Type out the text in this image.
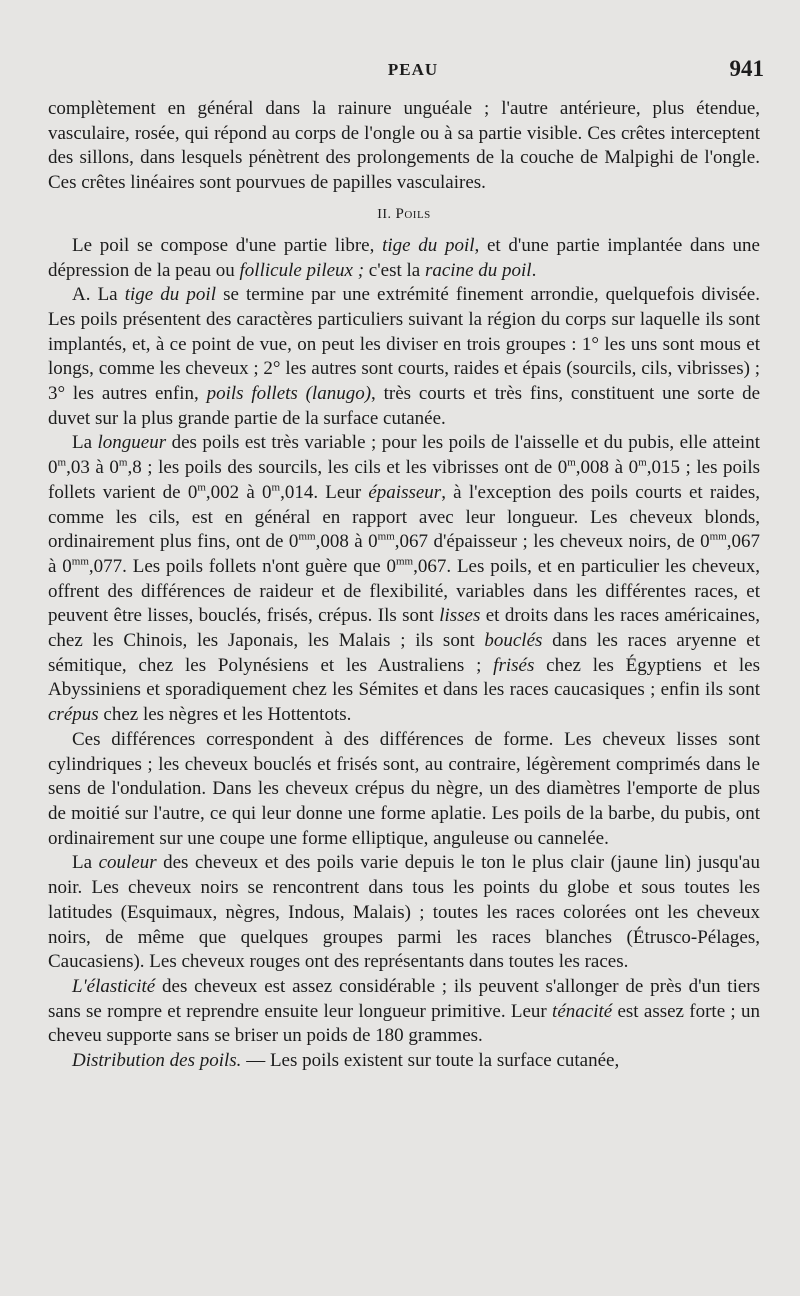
PEAU	941

complètement en général dans la rainure unguéale ; l'autre antérieure, plus étendue, vasculaire, rosée, qui répond au corps de l'ongle ou à sa partie visible. Ces crêtes interceptent des sillons, dans lesquels pénètrent des prolongements de la couche de Malpighi de l'ongle. Ces crêtes linéaires sont pourvues de papilles vasculaires.

II. Poils

Le poil se compose d'une partie libre, tige du poil, et d'une partie implantée dans une dépression de la peau ou follicule pileux ; c'est la racine du poil.

A. La tige du poil se termine par une extrémité finement arrondie, quelquefois divisée. Les poils présentent des caractères particuliers suivant la région du corps sur laquelle ils sont implantés, et, à ce point de vue, on peut les diviser en trois groupes : 1° les uns sont mous et longs, comme les cheveux ; 2° les autres sont courts, raides et épais (sourcils, cils, vibrisses) ; 3° les autres enfin, poils follets (lanugo), très courts et très fins, constituent une sorte de duvet sur la plus grande partie de la surface cutanée.

La longueur des poils est très variable ; pour les poils de l'aisselle et du pubis, elle atteint 0$^m$,03 à 0$^m$,8 ; les poils des sourcils, les cils et les vibrisses ont de 0$^m$,008 à 0$^m$,015 ; les poils follets varient de 0$^m$,002 à 0$^m$,014. Leur épaisseur, à l'exception des poils courts et raides, comme les cils, est en général en rapport avec leur longueur. Les cheveux blonds, ordinairement plus fins, ont de $0^{mm},008$ à $0^{mm},067$ d'épaisseur ; les cheveux noirs, de $0^{mm},067$ à $0^{mm},077$. Les poils follets n'ont guère que $0^{mm},067$. Les poils, et en particulier les cheveux, offrent des différences de raideur et de flexibilité, variables dans les différentes races, et peuvent être lisses, bouclés, frisés, crépus. Ils sont lisses et droits dans les races américaines, chez les Chinois, les Japonais, les Malais ; ils sont bouclés dans les races aryenne et sémitique, chez les Polynésiens et les Australiens ; frisés chez les Égyptiens et les Abyssiniens et sporadiquement chez les Sémites et dans les races caucasiques ; enfin ils sont crépus chez les nègres et les Hottentots.

Ces différences correspondent à des différences de forme. Les cheveux lisses sont cylindriques ; les cheveux bouclés et frisés sont, au contraire, légèrement comprimés dans le sens de l'ondulation. Dans les cheveux crépus du nègre, un des diamètres l'emporte de plus de moitié sur l'autre, ce qui leur donne une forme aplatie. Les poils de la barbe, du pubis, ont ordinairement sur une coupe une forme elliptique, anguleuse ou cannelée.

La couleur des cheveux et des poils varie depuis le ton le plus clair (jaune lin) jusqu'au noir. Les cheveux noirs se rencontrent dans tous les points du globe et sous toutes les latitudes (Esquimaux, nègres, Indous, Malais) ; toutes les races colorées ont les cheveux noirs, de même que quelques groupes parmi les races blanches (Étrusco-Pélages, Caucasiens). Les cheveux rouges ont des représentants dans toutes les races.

L'élasticité des cheveux est assez considérable ; ils peuvent s'allonger de près d'un tiers sans se rompre et reprendre ensuite leur longueur primitive. Leur ténacité est assez forte ; un cheveu supporte sans se briser un poids de 180 grammes.

Distribution des poils. — Les poils existent sur toute la surface cutanée,
